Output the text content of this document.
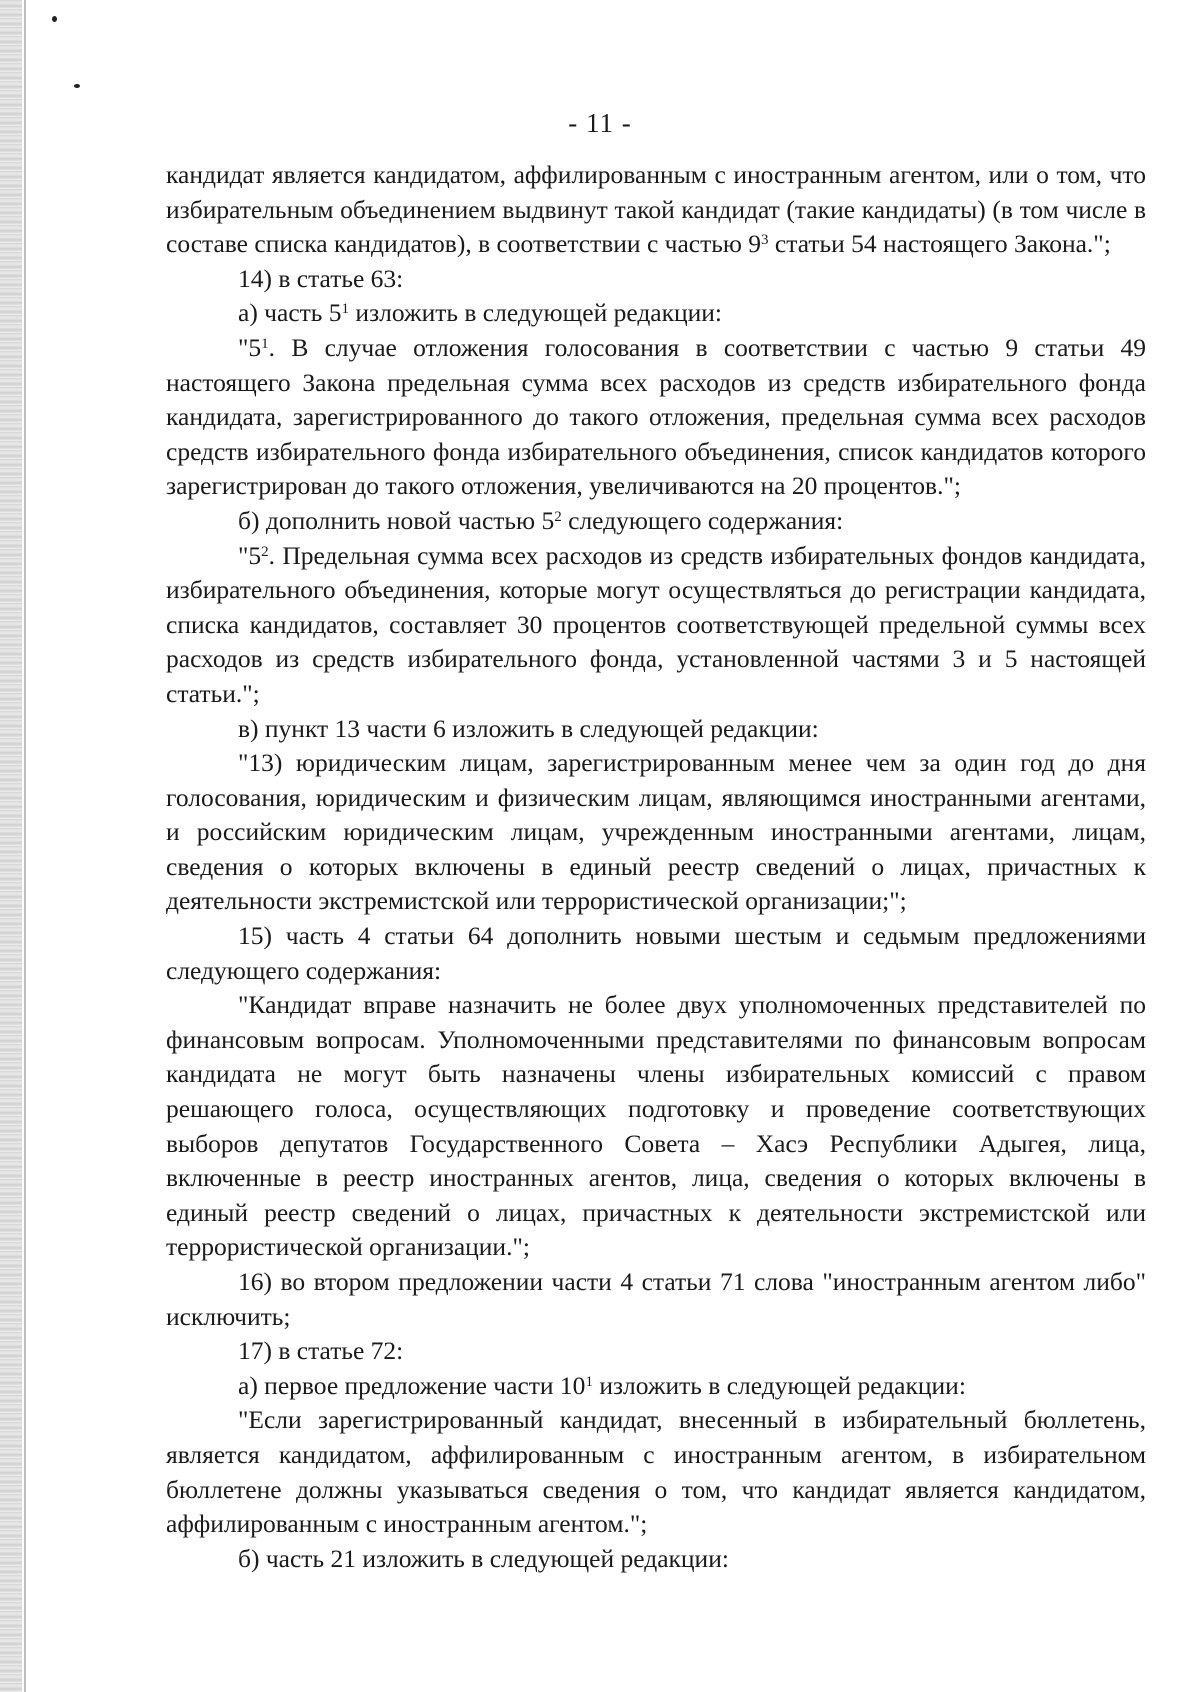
- 11 -

кандидат является кандидатом, аффилированным с иностранным агентом, или о том, что избирательным объединением выдвинут такой кандидат (такие кандидаты) (в том числе в составе списка кандидатов), в соответствии с частью $9^3$ статьи 54 настоящего Закона.";

14) в статье 63:

а) часть $5^1$ изложить в следующей редакции:

"$5^1$. В случае отложения голосования в соответствии с частью 9 статьи 49 настоящего Закона предельная сумма всех расходов из средств избирательного фонда кандидата, зарегистрированного до такого отложения, предельная сумма всех расходов средств избирательного фонда избирательного объединения, список кандидатов которого зарегистрирован до такого отложения, увеличиваются на 20 процентов.";

б) дополнить новой частью $5^2$ следующего содержания:

"$5^2$. Предельная сумма всех расходов из средств избирательных фондов кандидата, избирательного объединения, которые могут осуществляться до регистрации кандидата, списка кандидатов, составляет 30 процентов соответствующей предельной суммы всех расходов из средств избирательного фонда, установленной частями 3 и 5 настоящей статьи.";

в) пункт 13 части 6 изложить в следующей редакции:

"13) юридическим лицам, зарегистрированным менее чем за один год до дня голосования, юридическим и физическим лицам, являющимся иностранными агентами, и российским юридическим лицам, учрежденным иностранными агентами, лицам, сведения о которых включены в единый реестр сведений о лицах, причастных к деятельности экстремистской или террористической организации;";

15) часть 4 статьи 64 дополнить новыми шестым и седьмым предложениями следующего содержания:

"Кандидат вправе назначить не более двух уполномоченных представителей по финансовым вопросам. Уполномоченными представителями по финансовым вопросам кандидата не могут быть назначены члены избирательных комиссий с правом решающего голоса, осуществляющих подготовку и проведение соответствующих выборов депутатов Государственного Совета – Хасэ Республики Адыгея, лица, включенные в реестр иностранных агентов, лица, сведения о которых включены в единый реестр сведений о лицах, причастных к деятельности экстремистской или террористической организации.";

16) во втором предложении части 4 статьи 71 слова "иностранным агентом либо" исключить;

17) в статье 72:

а) первое предложение части $10^1$ изложить в следующей редакции:

"Если зарегистрированный кандидат, внесенный в избирательный бюллетень, является кандидатом, аффилированным с иностранным агентом, в избирательном бюллетене должны указываться сведения о том, что кандидат является кандидатом, аффилированным с иностранным агентом.";

б) часть 21 изложить в следующей редакции:
